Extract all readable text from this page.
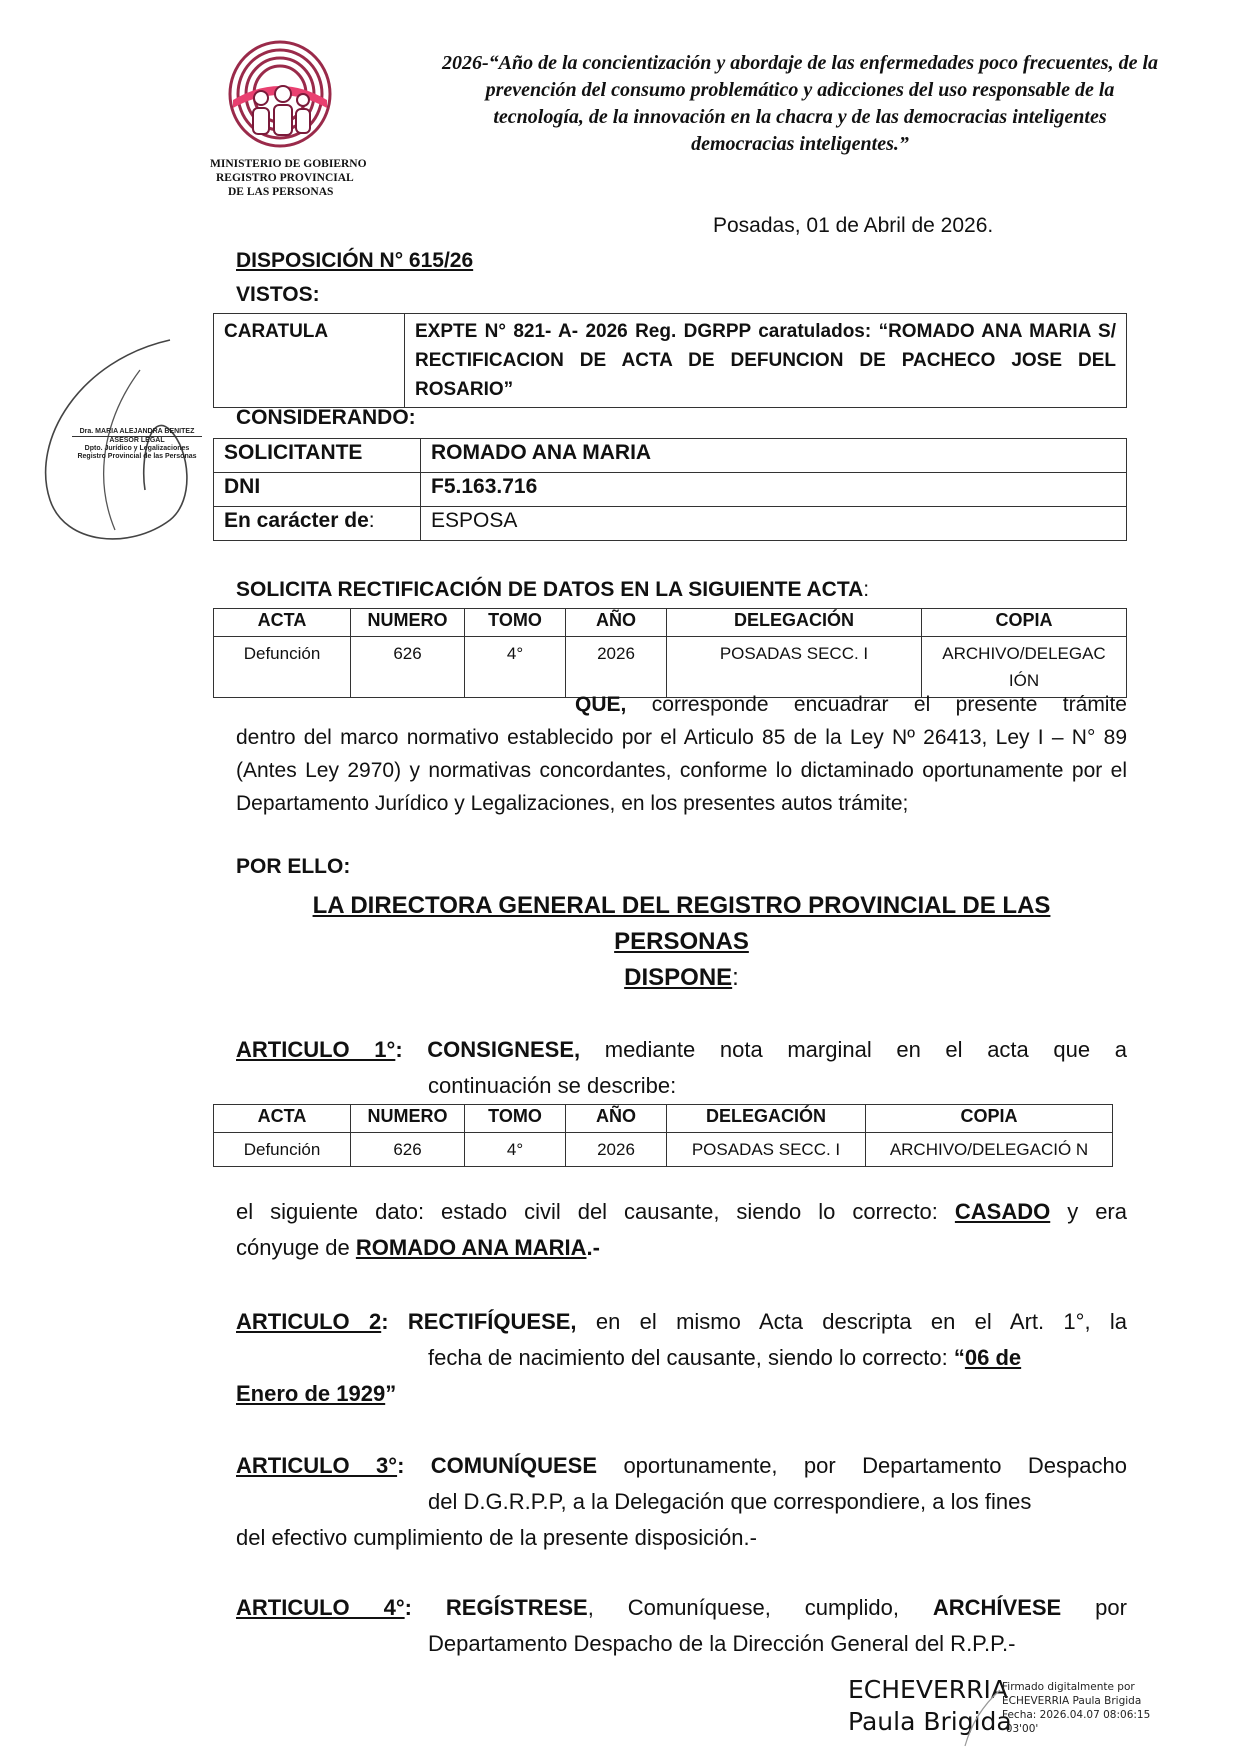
MINISTERIO DE GOBIERNO
REGISTRO PROVINCIAL
DE LAS PERSONAS
2026-“Año de la concientización y abordaje de las enfermedades poco frecuentes, de la prevención del consumo problemático y adicciones del uso responsable de la tecnología, de la innovación en la chacra y de las democracias inteligentes democracias inteligentes.”
Posadas, 01 de Abril de 2026.
DISPOSICIÓN N° 615/26
VISTOS:
CARATULA	EXPTE N° 821- A- 2026 Reg. DGRPP caratulados: “ROMADO ANA MARIA S/ RECTIFICACION DE ACTA DE DEFUNCION DE PACHECO JOSE DEL ROSARIO”
CONSIDERANDO:
SOLICITANTE	ROMADO ANA MARIA
DNI	F5.163.716
En carácter de:	ESPOSA
Dra. MARIA ALEJANDRA BENITEZ
ASESOR LEGAL
Dpto. Jurídico y Legalizaciones
Registro Provincial de las Personas
SOLICITA RECTIFICACIÓN DE DATOS EN LA SIGUIENTE ACTA:
ACTA	NUMERO	TOMO	AÑO	DELEGACIÓN	COPIA
Defunción	626	4°	2026	POSADAS SECC. I	ARCHIVO/DELEGAC IÓN
QUE, corresponde encuadrar el presente trámite
dentro del marco normativo establecido por el Articulo 85 de la Ley Nº 26413, Ley I – N° 89 (Antes Ley 2970) y normativas concordantes, conforme lo dictaminado oportunamente por el Departamento Jurídico y Legalizaciones, en los presentes autos trámite;
POR ELLO:
LA DIRECTORA GENERAL DEL REGISTRO PROVINCIAL DE LAS
PERSONAS
DISPONE:
ARTICULO 1°: CONSIGNESE, mediante nota marginal en el acta que a
continuación se describe:
ACTA	NUMERO	TOMO	AÑO	DELEGACIÓN	COPIA
Defunción	626	4°	2026	POSADAS SECC. I	ARCHIVO/DELEGACIÓ N
el siguiente dato: estado civil del causante, siendo lo correcto: CASADO y era
cónyuge de ROMADO ANA MARIA.-
ARTICULO 2: RECTIFÍQUESE, en el mismo Acta descripta en el Art. 1°, la
fecha de nacimiento del causante, siendo lo correcto: “06 de
Enero de 1929”
ARTICULO 3°: COMUNÍQUESE oportunamente, por Departamento Despacho
del D.G.R.P.P, a la Delegación que correspondiere, a los fines
del efectivo cumplimiento de la presente disposición.-
ARTICULO 4°: REGÍSTRESE, Comuníquese, cumplido, ARCHÍVESE por
Departamento Despacho de la Dirección General del R.P.P.-
ECHEVERRIA
Paula Brigida
Firmado digitalmente por
ECHEVERRIA Paula Brigida
Fecha: 2026.04.07 08:06:15
-03'00'
